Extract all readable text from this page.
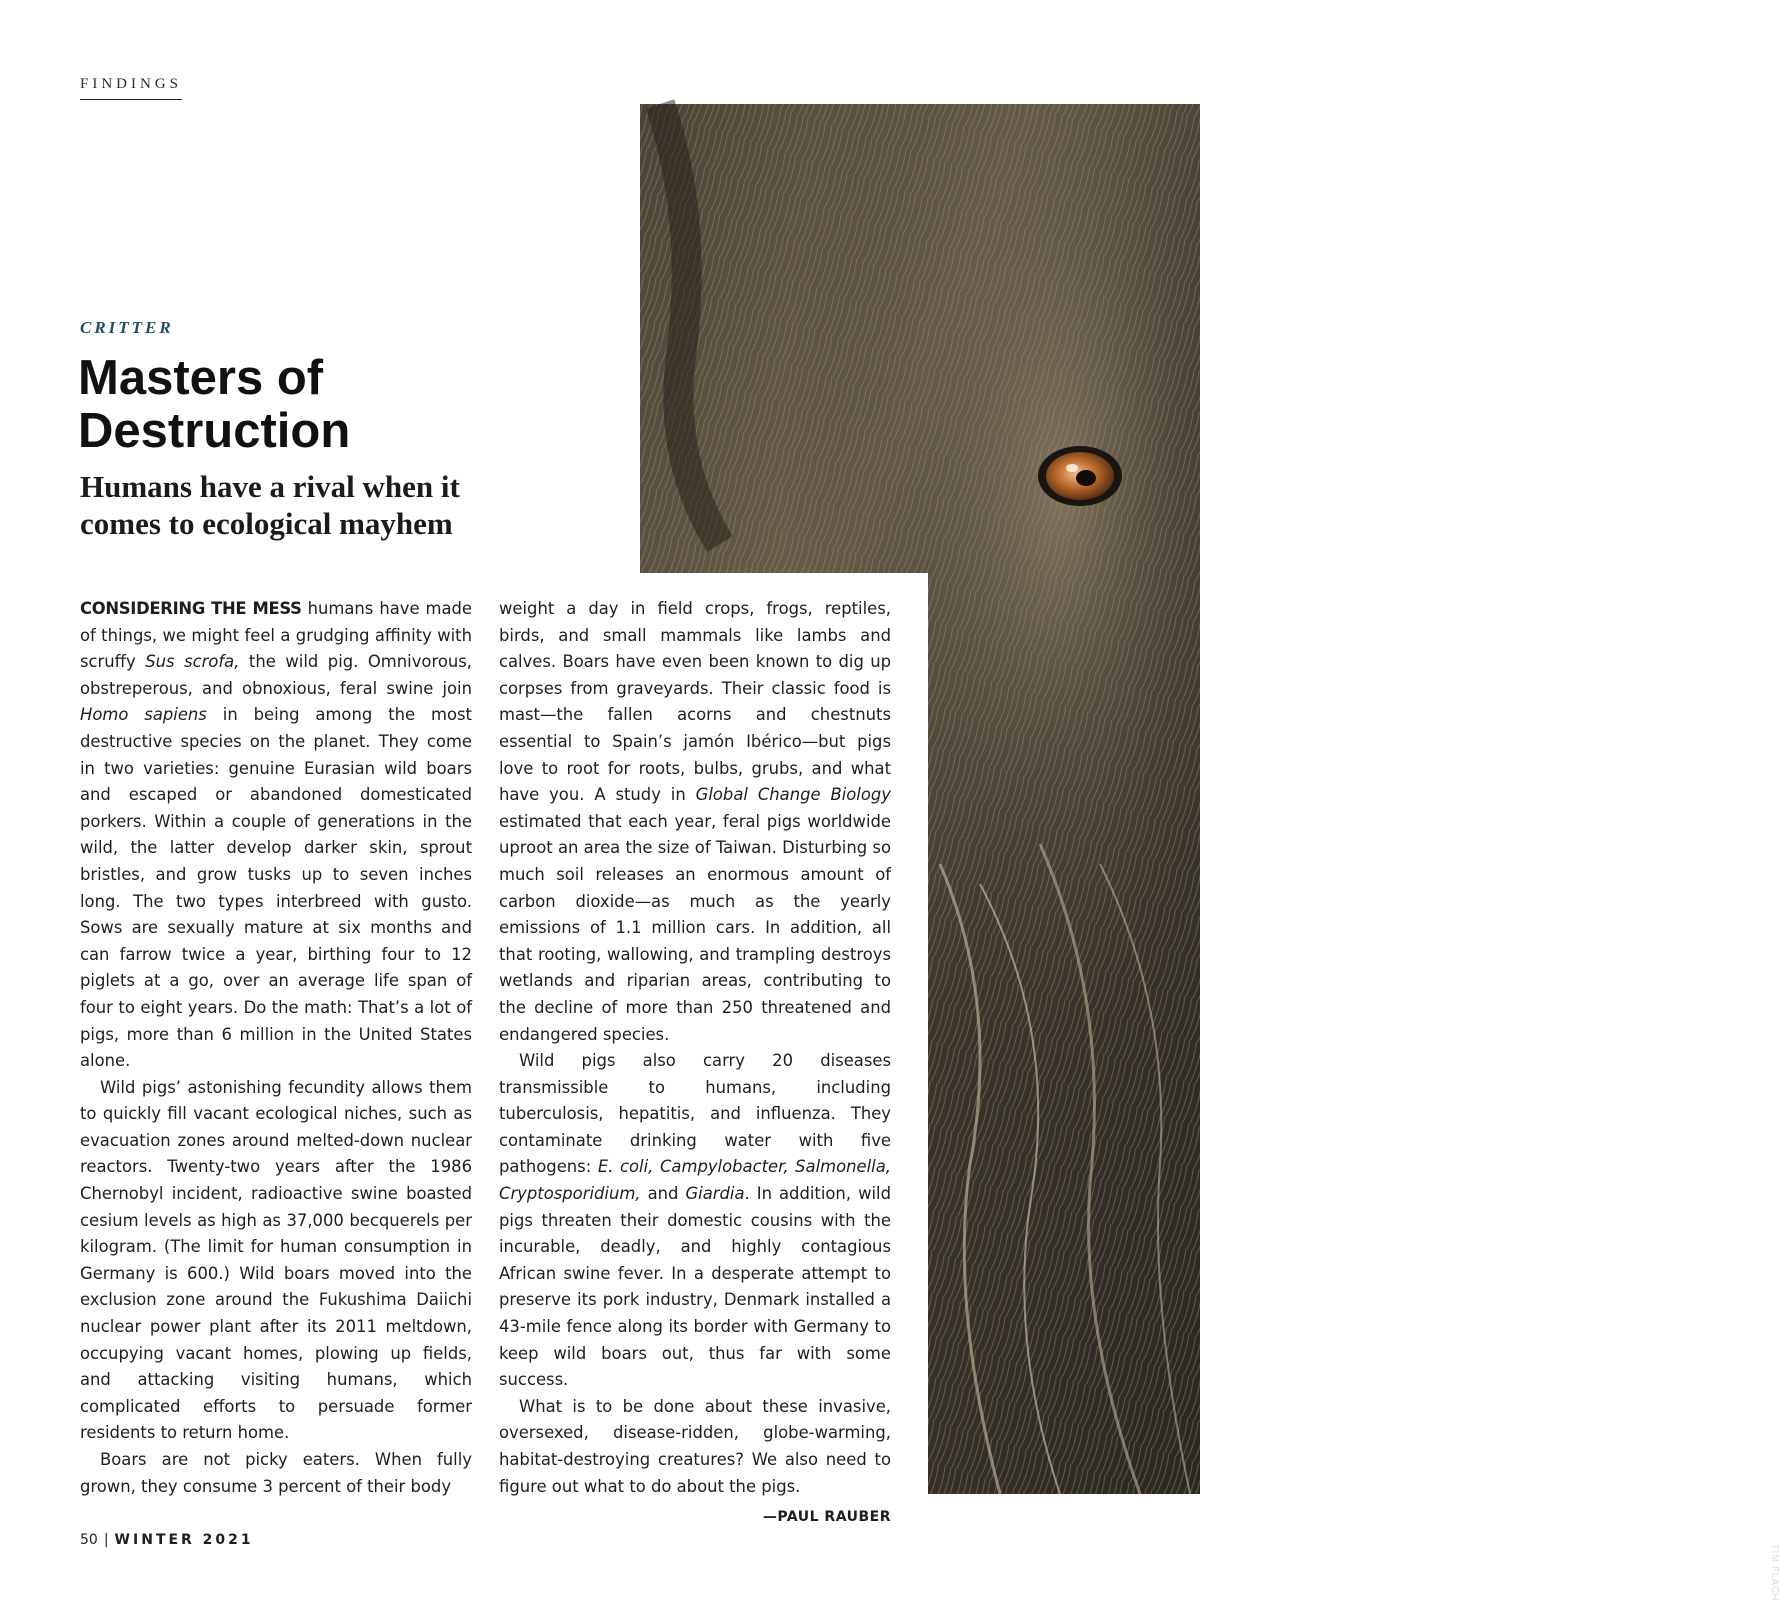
FINDINGS
TIM FLACH
CRITTER
Masters of Destruction
Humans have a rival when it comes to ecological mayhem

CONSIDERING THE MESS humans have made of things, we might feel a grudging affinity with scruffy Sus scrofa, the wild pig. Omnivorous, obstreperous, and obnoxious, feral swine join Homo sapiens in being among the most destructive species on the planet. They come in two varieties: genuine Eurasian wild boars and escaped or abandoned domesticated porkers. Within a couple of generations in the wild, the latter develop darker skin, sprout bristles, and grow tusks up to seven inches long. The two types interbreed with gusto. Sows are sexually mature at six months and can farrow twice a year, birthing four to 12 piglets at a go, over an average life span of four to eight years. Do the math: That’s a lot of pigs, more than 6 million in the United States alone.

Wild pigs’ astonishing fecundity allows them to quickly fill vacant ecological niches, such as evacuation zones around melted-down nuclear reactors. Twenty-two years after the 1986 Chernobyl incident, radioactive swine boasted cesium levels as high as 37,000 becquerels per kilogram. (The limit for human consumption in Germany is 600.) Wild boars moved into the exclusion zone around the Fukushima Daiichi nuclear power plant after its 2011 meltdown, occupying vacant homes, plowing up fields, and attacking visiting humans, which complicated efforts to persuade former residents to return home.

Boars are not picky eaters. When fully grown, they consume 3 percent of their body

weight a day in field crops, frogs, reptiles, birds, and small mammals like lambs and calves. Boars have even been known to dig up corpses from graveyards. Their classic food is mast—the fallen acorns and chestnuts essential to Spain’s jamón Ibérico—but pigs love to root for roots, bulbs, grubs, and what have you. A study in Global Change Biology estimated that each year, feral pigs worldwide uproot an area the size of Taiwan. Disturbing so much soil releases an enormous amount of carbon dioxide—as much as the yearly emissions of 1.1 million cars. In addition, all that rooting, wallowing, and trampling destroys wetlands and riparian areas, contributing to the decline of more than 250 threatened and endangered species.

Wild pigs also carry 20 diseases transmissible to humans, including tuberculosis, hepatitis, and influenza. They contaminate drinking water with five pathogens: E. coli, Campylobacter, Salmonella, Cryptosporidium, and Giardia. In addition, wild pigs threaten their domestic cousins with the incurable, deadly, and highly contagious African swine fever. In a desperate attempt to preserve its pork industry, Denmark installed a 43-mile fence along its border with Germany to keep wild boars out, thus far with some success.

What is to be done about these invasive, oversexed, disease-ridden, globe-warming, habitat-destroying creatures? We also need to figure out what to do about the pigs.

—PAUL RAUBER
50 | WINTER 2021
